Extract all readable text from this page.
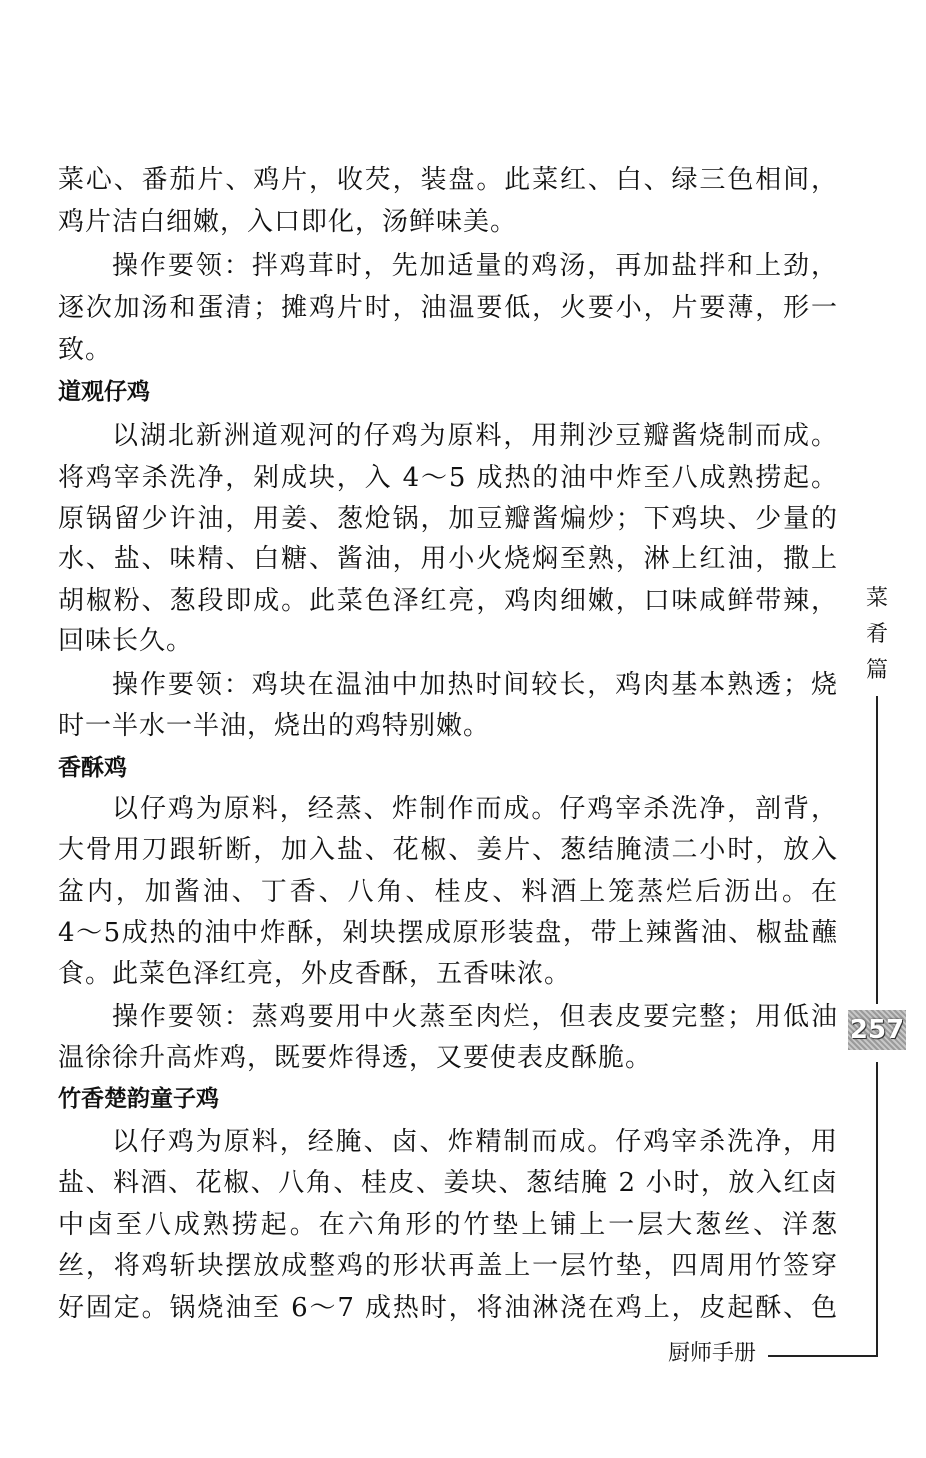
菜心、番茄片、鸡片，收芡，装盘。此菜红、白、绿三色相间，
鸡片洁白细嫩，入口即化，汤鲜味美。
操作要领：拌鸡茸时，先加适量的鸡汤，再加盐拌和上劲，
逐次加汤和蛋清；摊鸡片时，油温要低，火要小，片要薄，形一
致。
道观仔鸡
以湖北新洲道观河的仔鸡为原料，用荆沙豆瓣酱烧制而成。
将鸡宰杀洗净，剁成块，入 4～5 成热的油中炸至八成熟捞起。
原锅留少许油，用姜、葱炝锅，加豆瓣酱煸炒；下鸡块、少量的
水、盐、味精、白糖、酱油，用小火烧焖至熟，淋上红油，撒上
胡椒粉、葱段即成。此菜色泽红亮，鸡肉细嫩，口味咸鲜带辣，
回味长久。
操作要领：鸡块在温油中加热时间较长，鸡肉基本熟透；烧
时一半水一半油，烧出的鸡特别嫩。
香酥鸡
以仔鸡为原料，经蒸、炸制作而成。仔鸡宰杀洗净，剖背，
大骨用刀跟斩断，加入盐、花椒、姜片、葱结腌渍二小时，放入
盆内，加酱油、丁香、八角、桂皮、料酒上笼蒸烂后沥出。在
4～5成热的油中炸酥，剁块摆成原形装盘，带上辣酱油、椒盐蘸
食。此菜色泽红亮，外皮香酥，五香味浓。
操作要领：蒸鸡要用中火蒸至肉烂，但表皮要完整；用低油
温徐徐升高炸鸡，既要炸得透，又要使表皮酥脆。
竹香楚韵童子鸡
以仔鸡为原料，经腌、卤、炸精制而成。仔鸡宰杀洗净，用
盐、料酒、花椒、八角、桂皮、姜块、葱结腌 2 小时，放入红卤
中卤至八成熟捞起。在六角形的竹垫上铺上一层大葱丝、洋葱
丝，将鸡斩块摆放成整鸡的形状再盖上一层竹垫，四周用竹签穿
好固定。锅烧油至 6～7 成热时，将油淋浇在鸡上，皮起酥、色
菜
肴
篇
257
厨师手册
